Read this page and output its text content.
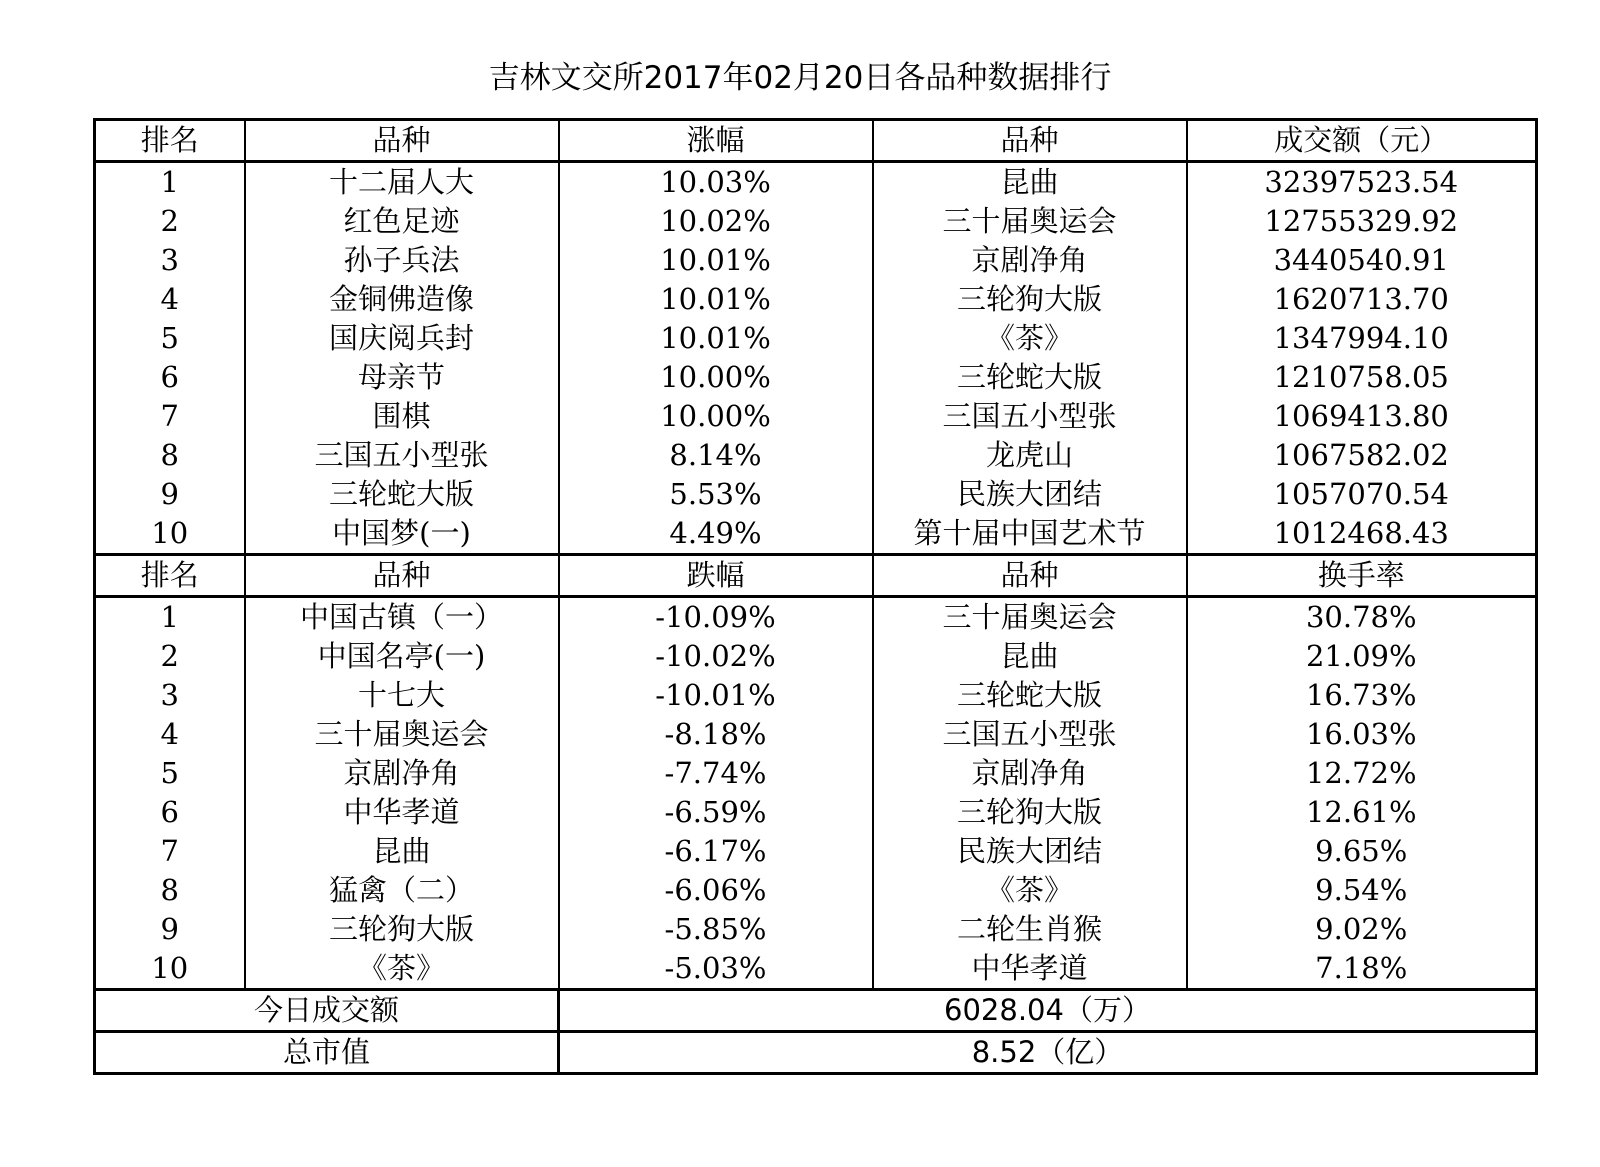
吉林文交所2017年02月20日各品种数据排行
排名	品种	涨幅	品种	成交额（元）
1	十二届人大	10.03%	昆曲	32397523.54
2	红色足迹	10.02%	三十届奥运会	12755329.92
3	孙子兵法	10.01%	京剧净角	3440540.91
4	金铜佛造像	10.01%	三轮狗大版	1620713.70
5	国庆阅兵封	10.01%	《茶》	1347994.10
6	母亲节	10.00%	三轮蛇大版	1210758.05
7	围棋	10.00%	三国五小型张	1069413.80
8	三国五小型张	8.14%	龙虎山	1067582.02
9	三轮蛇大版	5.53%	民族大团结	1057070.54
10	中国梦(一)	4.49%	第十届中国艺术节	1012468.43
排名	品种	跌幅	品种	换手率
1	中国古镇（一）	-10.09%	三十届奥运会	30.78%
2	中国名亭(一)	-10.02%	昆曲	21.09%
3	十七大	-10.01%	三轮蛇大版	16.73%
4	三十届奥运会	-8.18%	三国五小型张	16.03%
5	京剧净角	-7.74%	京剧净角	12.72%
6	中华孝道	-6.59%	三轮狗大版	12.61%
7	昆曲	-6.17%	民族大团结	9.65%
8	猛禽（二）	-6.06%	《茶》	9.54%
9	三轮狗大版	-5.85%	二轮生肖猴	9.02%
10	《茶》	-5.03%	中华孝道	7.18%
今日成交额		6028.04（万）		
总市值		8.52（亿）		
